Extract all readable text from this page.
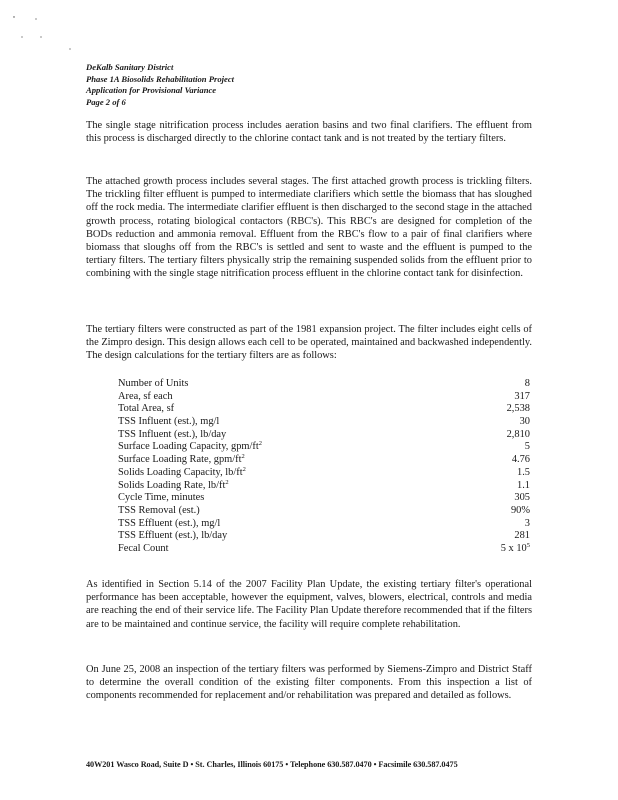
DeKalb Sanitary District
Phase 1A Biosolids Rehabilitation Project
Application for Provisional Variance
Page 2 of 6

The single stage nitrification process includes aeration basins and two final clarifiers. The effluent from this process is discharged directly to the chlorine contact tank and is not treated by the tertiary filters.

The attached growth process includes several stages. The first attached growth process is trickling filters. The trickling filter effluent is pumped to intermediate clarifiers which settle the biomass that has sloughed off the rock media. The intermediate clarifier effluent is then discharged to the second stage in the attached growth process, rotating biological contactors (RBC's). This RBC's are designed for completion of the BODs reduction and ammonia removal. Effluent from the RBC's flow to a pair of final clarifiers where biomass that sloughs off from the RBC's is settled and sent to waste and the effluent is pumped to the tertiary filters. The tertiary filters physically strip the remaining suspended solids from the effluent prior to combining with the single stage nitrification process effluent in the chlorine contact tank for disinfection.

The tertiary filters were constructed as part of the 1981 expansion project. The filter includes eight cells of the Zimpro design. This design allows each cell to be operated, maintained and backwashed independently. The design calculations for the tertiary filters are as follows:

Number of Units	8
Area, sf each	317
Total Area, sf	2,538
TSS Influent (est.), mg/l	30
TSS Influent (est.), lb/day	2,810
Surface Loading Capacity, gpm/$ft^2$	5
Surface Loading Rate, gpm/$ft^2$	4.76
Solids Loading Capacity, $lb/ft^2$	1.5
Solids Loading Rate, $lb/ft^2$	1.1
Cycle Time, minutes	305
TSS Removal (est.)	90%
TSS Effluent (est.), mg/l	3
TSS Effluent (est.), lb/day	281
Fecal Count	5 x $10^5$

As identified in Section 5.14 of the 2007 Facility Plan Update, the existing tertiary filter's operational performance has been acceptable, however the equipment, valves, blowers, electrical, controls and media are reaching the end of their service life. The Facility Plan Update therefore recommended that if the filters are to be maintained and continue service, the facility will require complete rehabilitation.

On June 25, 2008 an inspection of the tertiary filters was performed by Siemens-Zimpro and District Staff to determine the overall condition of the existing filter components. From this inspection a list of components recommended for replacement and/or rehabilitation was prepared and detailed as follows.

40W201 Wasco Road, Suite D • St. Charles, Illinois 60175 • Telephone 630.587.0470 • Facsimile 630.587.0475
